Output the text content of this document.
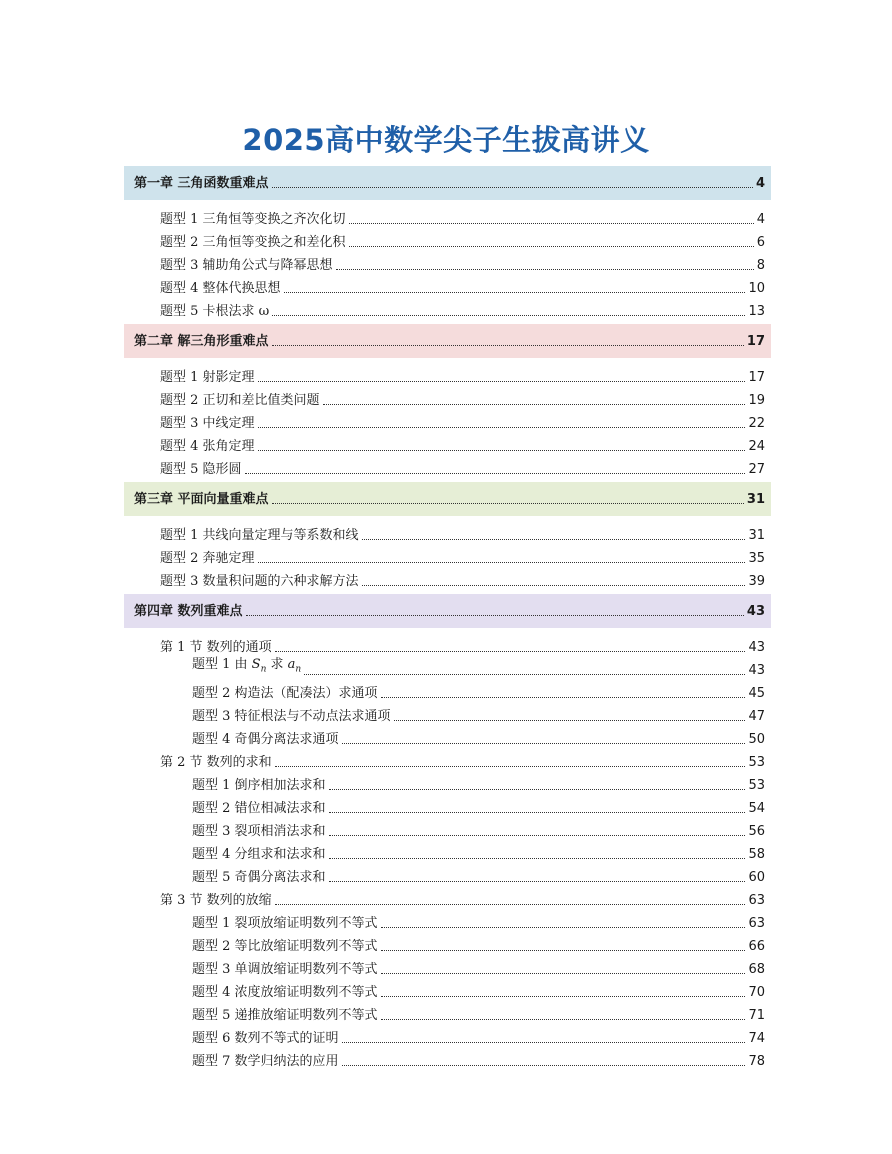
2025高中数学尖子生拔高讲义
第一章 三角函数重难点	4
题型 1 三角恒等变换之齐次化切	4
题型 2 三角恒等变换之和差化积	6
题型 3 辅助角公式与降幂思想	8
题型 4 整体代换思想	10
题型 5 卡根法求 ω	13
第二章 解三角形重难点	17
题型 1 射影定理	17
题型 2 正切和差比值类问题	19
题型 3 中线定理	22
题型 4 张角定理	24
题型 5 隐形圆	27
第三章 平面向量重难点	31
题型 1 共线向量定理与等系数和线	31
题型 2 奔驰定理	35
题型 3 数量积问题的六种求解方法	39
第四章 数列重难点	43
第 1 节 数列的通项	43
题型 1 由 $S_n$ 求 $a_n$	43
题型 2 构造法（配凑法）求通项	45
题型 3 特征根法与不动点法求通项	47
题型 4 奇偶分离法求通项	50
第 2 节 数列的求和	53
题型 1 倒序相加法求和	53
题型 2 错位相减法求和	54
题型 3 裂项相消法求和	56
题型 4 分组求和法求和	58
题型 5 奇偶分离法求和	60
第 3 节 数列的放缩	63
题型 1 裂项放缩证明数列不等式	63
题型 2 等比放缩证明数列不等式	66
题型 3 单调放缩证明数列不等式	68
题型 4 浓度放缩证明数列不等式	70
题型 5 递推放缩证明数列不等式	71
题型 6 数列不等式的证明	74
题型 7 数学归纳法的应用	78
